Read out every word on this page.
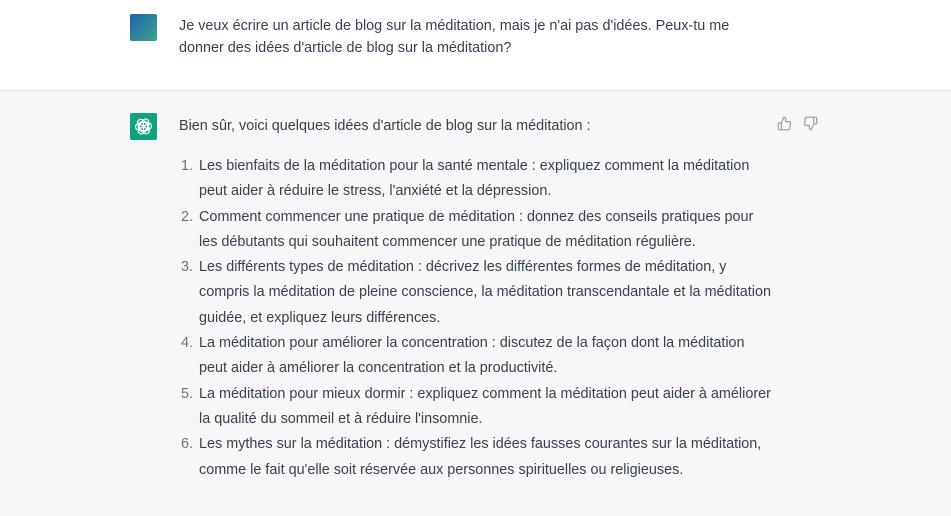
Je veux écrire un article de blog sur la méditation, mais je n'ai pas d'idées. Peux-tu me donner des idées d'article de blog sur la méditation?

Bien sûr, voici quelques idées d'article de blog sur la méditation :

1. Les bienfaits de la méditation pour la santé mentale : expliquez comment la méditation peut aider à réduire le stress, l'anxiété et la dépression.
2. Comment commencer une pratique de méditation : donnez des conseils pratiques pour les débutants qui souhaitent commencer une pratique de méditation régulière.
3. Les différents types de méditation : décrivez les différentes formes de méditation, y compris la méditation de pleine conscience, la méditation transcendantale et la méditation guidée, et expliquez leurs différences.
4. La méditation pour améliorer la concentration : discutez de la façon dont la méditation peut aider à améliorer la concentration et la productivité.
5. La méditation pour mieux dormir : expliquez comment la méditation peut aider à améliorer la qualité du sommeil et à réduire l'insomnie.
6. Les mythes sur la méditation : démystifiez les idées fausses courantes sur la méditation, comme le fait qu'elle soit réservée aux personnes spirituelles ou religieuses.
